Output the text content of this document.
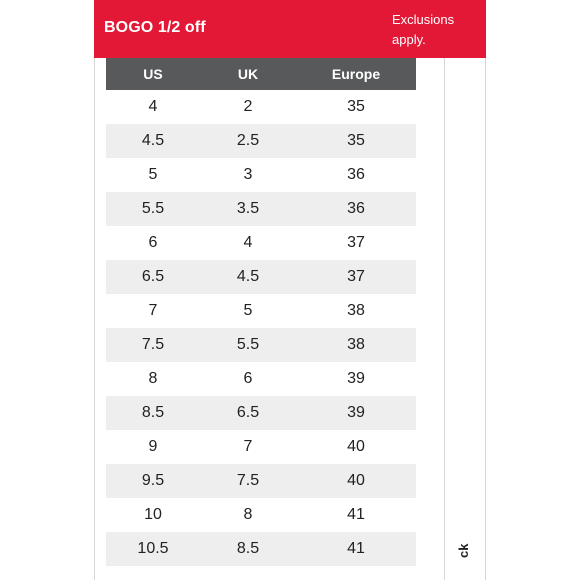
BOGO 1/2 off	Exclusions apply.
ck
US	UK	Europe
4	2	35
4.5	2.5	35
5	3	36
5.5	3.5	36
6	4	37
6.5	4.5	37
7	5	38
7.5	5.5	38
8	6	39
8.5	6.5	39
9	7	40
9.5	7.5	40
10	8	41
10.5	8.5	41
